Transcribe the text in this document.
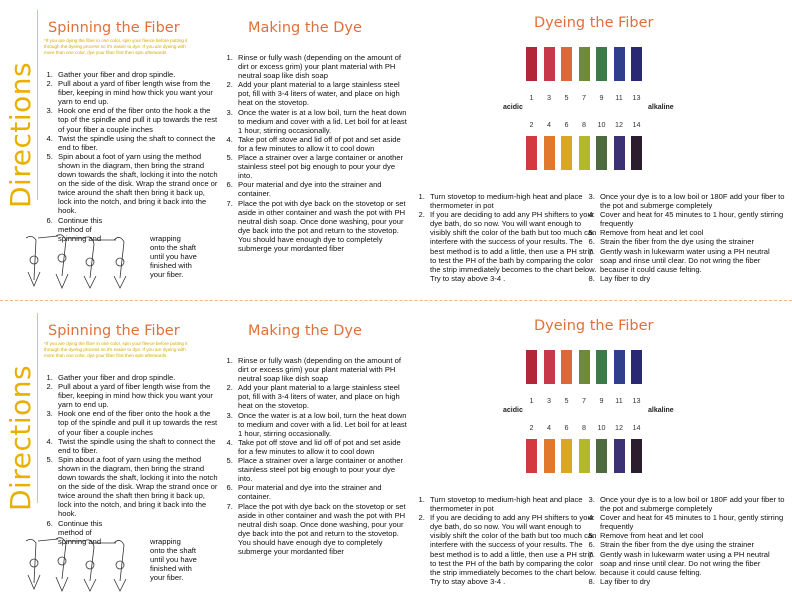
Directions
Spinning the Fiber
*If you are dying the fiber in one color, spin your fleece before putting it through the dyeing process so it's easier to dye. If you are dyeing with more than one color, dye your fiber first then spin afterwards.
1. Gather your fiber and drop spindle.
2. Pull about a yard of fiber length wise from the fiber, keeping in mind how thick you want your yarn to end up.
3. Hook one end of the fiber onto the hook a the top of the spindle and pull it up towards the rest of your fiber a couple inches
4. Twist the spindle using the shaft to connect the end to fiber.
5. Spin about a foot of yarn using the method shown in the diagram, then bring the strand down towards the shaft, locking it into the notch on the side of the disk. Wrap the strand once or twice around the shaft then bring it back up, lock into the notch, and bring it back into the hook.
6. Continue this method of spinning and	wrapping
onto the shaft
until you have
finished with
your fiber.
Making the Dye
1. Rinse or fully wash (depending on the amount of dirt or excess grim) your plant material with PH neutral soap like dish soap
2. Add your plant material to a large stainless steel pot, fill with 3-4 liters of water, and place on high heat on the stovetop.
3. Once the water is at a low boil, turn the heat down to medium and cover with a lid. Let boil for at least 1 hour, stirring occasionally.
4. Take pot off stove and lid off of pot and set aside for a few minutes to allow it to cool down
5. Place a strainer over a large container or another stainless steel pot big enough to pour your dye into.
6. Pour material and dye into the strainer and container.
7. Place the pot with dye back on the stovetop or set aside in other container and wash the pot with PH neutral dish soap. Once done washing, pour your dye back into the pot and return to the stovetop. You should have enough dye to completely submerge your mordanted fiber
Dyeing the Fiber
acidic	alkaline
1. Turn stovetop to medium-high heat and place thermometer in pot
2. If you are deciding to add any PH shifters to your dye bath, do so now. You will want enough to visibly shift the color of the bath but too much can interfere with the success of your results. The best method is to add a little, then use a PH strip to test the PH of the bath by comparing the color the strip immediately becomes to the chart below. Try to stay above 3-4 .
3. Once your dye is to a low boil or 180F add your fiber to the pot and submerge completely
4. Cover and heat for 45 minutes to 1 hour, gently stirring frequently
5. Remove from heat and let cool
6. Strain the fiber from the dye using the strainer
7. Gently wash in lukewarm water using a PH neutral soap and rinse until clear. Do not wring the fiber because it could cause felting.
8. Lay fiber to dry
1	3	5	7	9	11	13
2	4	6	8	10	12	14
Directions
Spinning the Fiber
*If you are dying the fiber in one color, spin your fleece before putting it through the dyeing process so it's easier to dye. If you are dyeing with more than one color, dye your fiber first then spin afterwards.
1. Gather your fiber and drop spindle.
2. Pull about a yard of fiber length wise from the fiber, keeping in mind how thick you want your yarn to end up.
3. Hook one end of the fiber onto the hook a the top of the spindle and pull it up towards the rest of your fiber a couple inches
4. Twist the spindle using the shaft to connect the end to fiber.
5. Spin about a foot of yarn using the method shown in the diagram, then bring the strand down towards the shaft, locking it into the notch on the side of the disk. Wrap the strand once or twice around the shaft then bring it back up, lock into the notch, and bring it back into the hook.
6. Continue this method of spinning and	wrapping
onto the shaft
until you have
finished with
your fiber.
Making the Dye
1. Rinse or fully wash (depending on the amount of dirt or excess grim) your plant material with PH neutral soap like dish soap
2. Add your plant material to a large stainless steel pot, fill with 3-4 liters of water, and place on high heat on the stovetop.
3. Once the water is at a low boil, turn the heat down to medium and cover with a lid. Let boil for at least 1 hour, stirring occasionally.
4. Take pot off stove and lid off of pot and set aside for a few minutes to allow it to cool down
5. Place a strainer over a large container or another stainless steel pot big enough to pour your dye into.
6. Pour material and dye into the strainer and container.
7. Place the pot with dye back on the stovetop or set aside in other container and wash the pot with PH neutral dish soap. Once done washing, pour your dye back into the pot and return to the stovetop. You should have enough dye to completely submerge your mordanted fiber
Dyeing the Fiber
acidic	alkaline
1. Turn stovetop to medium-high heat and place thermometer in pot
2. If you are deciding to add any PH shifters to your dye bath, do so now. You will want enough to visibly shift the color of the bath but too much can interfere with the success of your results. The best method is to add a little, then use a PH strip to test the PH of the bath by comparing the color the strip immediately becomes to the chart below. Try to stay above 3-4 .
3. Once your dye is to a low boil or 180F add your fiber to the pot and submerge completely
4. Cover and heat for 45 minutes to 1 hour, gently stirring frequently
5. Remove from heat and let cool
6. Strain the fiber from the dye using the strainer
7. Gently wash in lukewarm water using a PH neutral soap and rinse until clear. Do not wring the fiber because it could cause felting.
8. Lay fiber to dry
1	3	5	7	9	11	13
2	4	6	8	10	12	14
